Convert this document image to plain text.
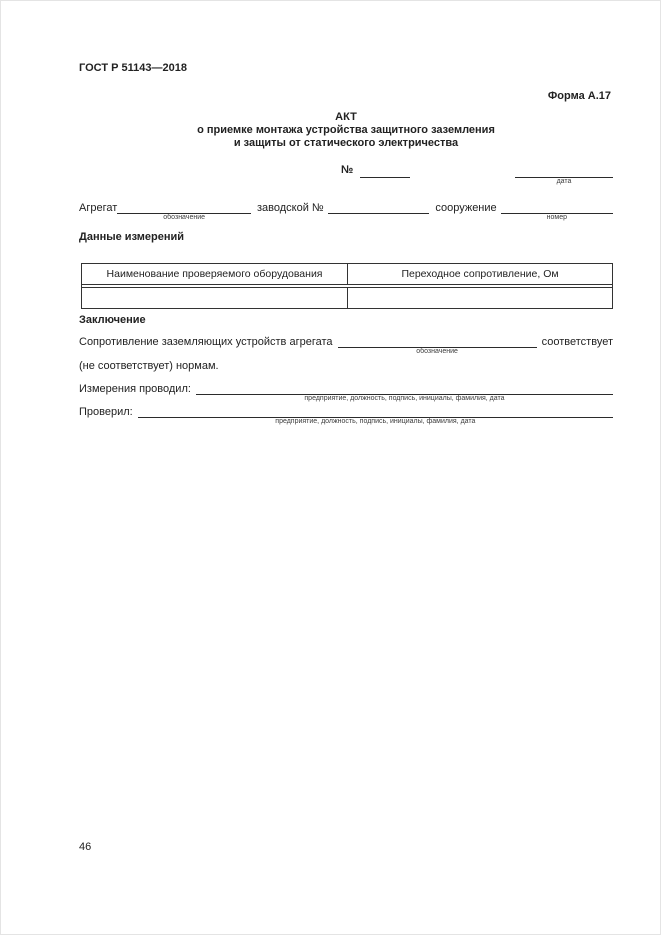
ГОСТ Р 51143—2018
Форма А.17
АКТ
о приемке монтажа устройства защитного заземления
и защиты от статического электричества
№
дата
Агрегат
обозначение
заводской №	сооружение
номер
Данные измерений
Наименование проверяемого оборудования	Переходное сопротивление, Ом
Заключение
Сопротивление заземляющих устройств агрегата
обозначение
соответствует
(не соответствует) нормам.
Измерения проводил:
предприятие, должность, подпись, инициалы, фамилия, дата
Проверил:
предприятие, должность, подпись, инициалы, фамилия, дата
46
